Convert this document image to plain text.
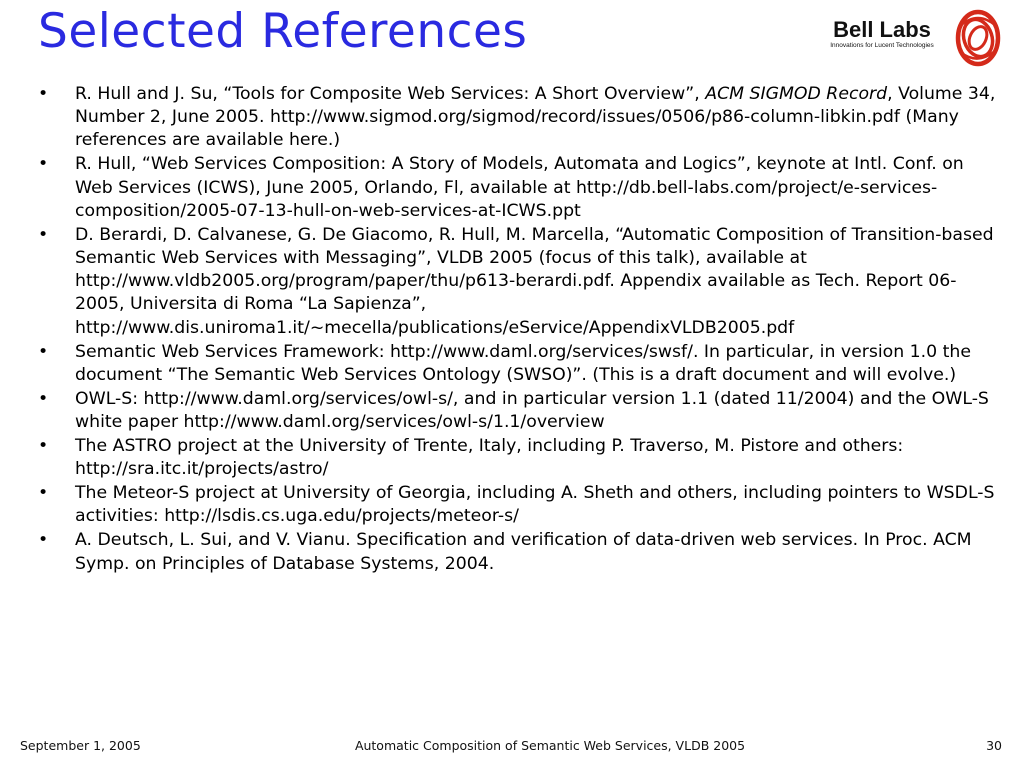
Selected References	Bell Labs
Innovations for Lucent Technologies
• R. Hull and J. Su, “Tools for Composite Web Services: A Short Overview”, ACM SIGMOD Record, Volume 34, Number 2, June 2005. http://www.sigmod.org/sigmod/record/issues/0506/p86-column-libkin.pdf (Many references are available here.)
• R. Hull, “Web Services Composition: A Story of Models, Automata and Logics”, keynote at Intl. Conf. on Web Services (ICWS), June 2005, Orlando, Fl, available at http://db.bell-labs.com/project/e-services-composition/2005-07-13-hull-on-web-services-at-ICWS.ppt
• D. Berardi, D. Calvanese, G. De Giacomo, R. Hull, M. Marcella, “Automatic Composition of Transition-based Semantic Web Services with Messaging”, VLDB 2005 (focus of this talk), available at http://www.vldb2005.org/program/paper/thu/p613-berardi.pdf. Appendix available as Tech. Report 06-2005, Universita di Roma “La Sapienza”, http://www.dis.uniroma1.it/~mecella/publications/eService/AppendixVLDB2005.pdf
• Semantic Web Services Framework: http://www.daml.org/services/swsf/. In particular, in version 1.0 the document “The Semantic Web Services Ontology (SWSO)”. (This is a draft document and will evolve.)
• OWL-S: http://www.daml.org/services/owl-s/, and in particular version 1.1 (dated 11/2004) and the OWL-S white paper http://www.daml.org/services/owl-s/1.1/overview
• The ASTRO project at the University of Trente, Italy, including P. Traverso, M. Pistore and others: http://sra.itc.it/projects/astro/
• The Meteor-S project at University of Georgia, including A. Sheth and others, including pointers to WSDL-S activities: http://lsdis.cs.uga.edu/projects/meteor-s/
• A. Deutsch, L. Sui, and V. Vianu. Specification and verification of data-driven web services. In Proc. ACM Symp. on Principles of Database Systems, 2004.
September 1, 2005	Automatic Composition of Semantic Web Services, VLDB 2005	30
